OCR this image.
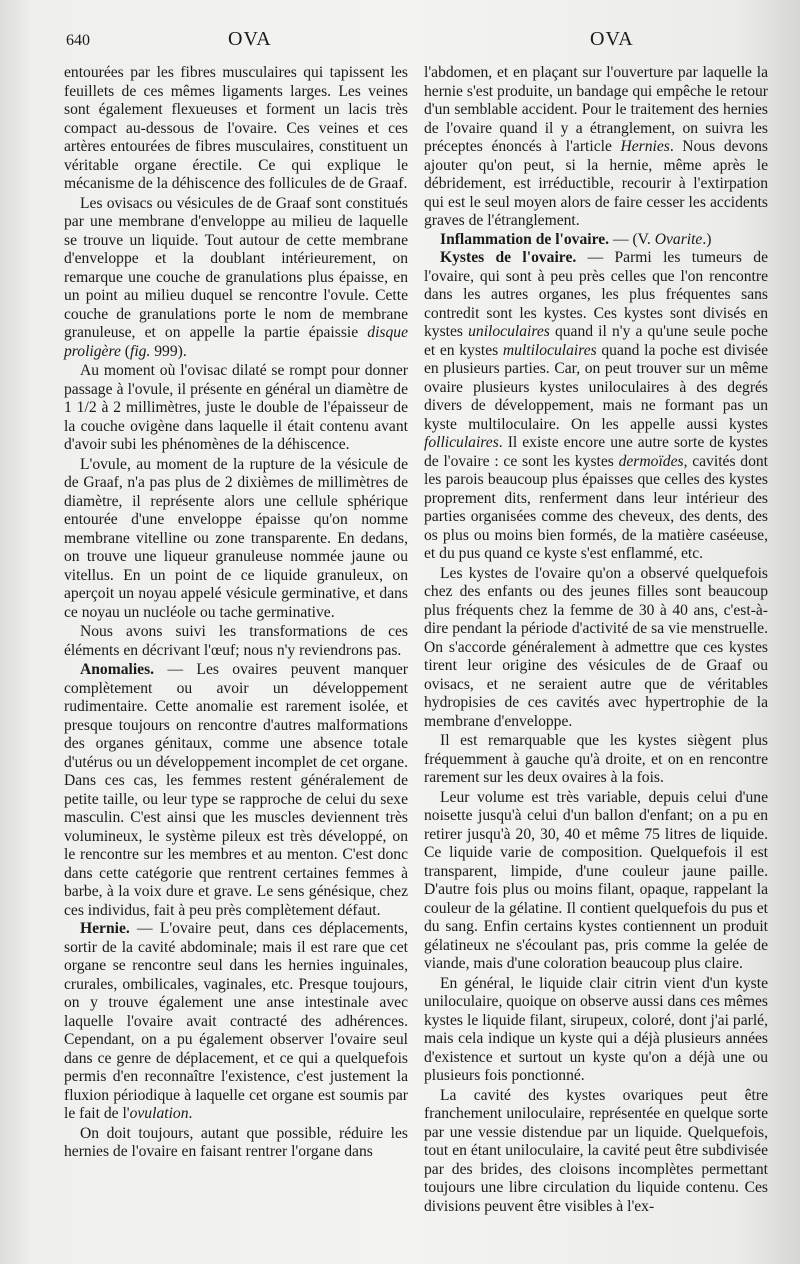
640	OVA	OVA

entourées par les fibres musculaires qui tapissent les feuillets de ces mêmes ligaments larges. Les veines sont également flexueuses et forment un lacis très compact au-dessous de l'ovaire. Ces veines et ces artères entourées de fibres musculaires, constituent un véritable organe érectile. Ce qui explique le mécanisme de la déhiscence des follicules de de Graaf.

Les ovisacs ou vésicules de de Graaf sont constitués par une membrane d'enveloppe au milieu de laquelle se trouve un liquide. Tout autour de cette membrane d'enveloppe et la doublant intérieurement, on remarque une couche de granulations plus épaisse, en un point au milieu duquel se rencontre l'ovule. Cette couche de granulations porte le nom de membrane granuleuse, et on appelle la partie épaissie disque proligère (fig. 999).

Au moment où l'ovisac dilaté se rompt pour donner passage à l'ovule, il présente en général un diamètre de 1 1/2 à 2 millimètres, juste le double de l'épaisseur de la couche ovigène dans laquelle il était contenu avant d'avoir subi les phénomènes de la déhiscence.

L'ovule, au moment de la rupture de la vésicule de de Graaf, n'a pas plus de 2 dixièmes de millimètres de diamètre, il représente alors une cellule sphérique entourée d'une enveloppe épaisse qu'on nomme membrane vitelline ou zone transparente. En dedans, on trouve une liqueur granuleuse nommée jaune ou vitellus. En un point de ce liquide granuleux, on aperçoit un noyau appelé vésicule germinative, et dans ce noyau un nucléole ou tache germinative.

Nous avons suivi les transformations de ces éléments en décrivant l'œuf; nous n'y reviendrons pas.

Anomalies. — Les ovaires peuvent manquer complètement ou avoir un développement rudimentaire. Cette anomalie est rarement isolée, et presque toujours on rencontre d'autres malformations des organes génitaux, comme une absence totale d'utérus ou un développement incomplet de cet organe. Dans ces cas, les femmes restent généralement de petite taille, ou leur type se rapproche de celui du sexe masculin. C'est ainsi que les muscles deviennent très volumineux, le système pileux est très développé, on le rencontre sur les membres et au menton. C'est donc dans cette catégorie que rentrent certaines femmes à barbe, à la voix dure et grave. Le sens génésique, chez ces individus, fait à peu près complètement défaut.

Hernie. — L'ovaire peut, dans ces déplacements, sortir de la cavité abdominale; mais il est rare que cet organe se rencontre seul dans les hernies inguinales, crurales, ombilicales, vaginales, etc. Presque toujours, on y trouve également une anse intestinale avec laquelle l'ovaire avait contracté des adhérences. Cependant, on a pu également observer l'ovaire seul dans ce genre de déplacement, et ce qui a quelquefois permis d'en reconnaître l'existence, c'est justement la fluxion périodique à laquelle cet organe est soumis par le fait de l'ovulation.

On doit toujours, autant que possible, réduire les hernies de l'ovaire en faisant rentrer l'organe dans

l'abdomen, et en plaçant sur l'ouverture par laquelle la hernie s'est produite, un bandage qui empêche le retour d'un semblable accident. Pour le traitement des hernies de l'ovaire quand il y a étranglement, on suivra les préceptes énoncés à l'article Hernies. Nous devons ajouter qu'on peut, si la hernie, même après le débridement, est irréductible, recourir à l'extirpation qui est le seul moyen alors de faire cesser les accidents graves de l'étranglement.

Inflammation de l'ovaire. — (V. Ovarite.)

Kystes de l'ovaire. — Parmi les tumeurs de l'ovaire, qui sont à peu près celles que l'on rencontre dans les autres organes, les plus fréquentes sans contredit sont les kystes. Ces kystes sont divisés en kystes uniloculaires quand il n'y a qu'une seule poche et en kystes multiloculaires quand la poche est divisée en plusieurs parties. Car, on peut trouver sur un même ovaire plusieurs kystes uniloculaires à des degrés divers de développement, mais ne formant pas un kyste multiloculaire. On les appelle aussi kystes folliculaires. Il existe encore une autre sorte de kystes de l'ovaire : ce sont les kystes dermoïdes, cavités dont les parois beaucoup plus épaisses que celles des kystes proprement dits, renferment dans leur intérieur des parties organisées comme des cheveux, des dents, des os plus ou moins bien formés, de la matière caséeuse, et du pus quand ce kyste s'est enflammé, etc.

Les kystes de l'ovaire qu'on a observé quelquefois chez des enfants ou des jeunes filles sont beaucoup plus fréquents chez la femme de 30 à 40 ans, c'est-à-dire pendant la période d'activité de sa vie menstruelle. On s'accorde généralement à admettre que ces kystes tirent leur origine des vésicules de de Graaf ou ovisacs, et ne seraient autre que de véritables hydropisies de ces cavités avec hypertrophie de la membrane d'enveloppe.

Il est remarquable que les kystes siègent plus fréquemment à gauche qu'à droite, et on en rencontre rarement sur les deux ovaires à la fois.

Leur volume est très variable, depuis celui d'une noisette jusqu'à celui d'un ballon d'enfant; on a pu en retirer jusqu'à 20, 30, 40 et même 75 litres de liquide. Ce liquide varie de composition. Quelquefois il est transparent, limpide, d'une couleur jaune paille. D'autre fois plus ou moins filant, opaque, rappelant la couleur de la gélatine. Il contient quelquefois du pus et du sang. Enfin certains kystes contiennent un produit gélatineux ne s'écoulant pas, pris comme la gelée de viande, mais d'une coloration beaucoup plus claire.

En général, le liquide clair citrin vient d'un kyste uniloculaire, quoique on observe aussi dans ces mêmes kystes le liquide filant, sirupeux, coloré, dont j'ai parlé, mais cela indique un kyste qui a déjà plusieurs années d'existence et surtout un kyste qu'on a déjà une ou plusieurs fois ponctionné.

La cavité des kystes ovariques peut être franchement uniloculaire, représentée en quelque sorte par une vessie distendue par un liquide. Quelquefois, tout en étant uniloculaire, la cavité peut être subdivisée par des brides, des cloisons incomplètes permettant toujours une libre circulation du liquide contenu. Ces divisions peuvent être visibles à l'ex-
